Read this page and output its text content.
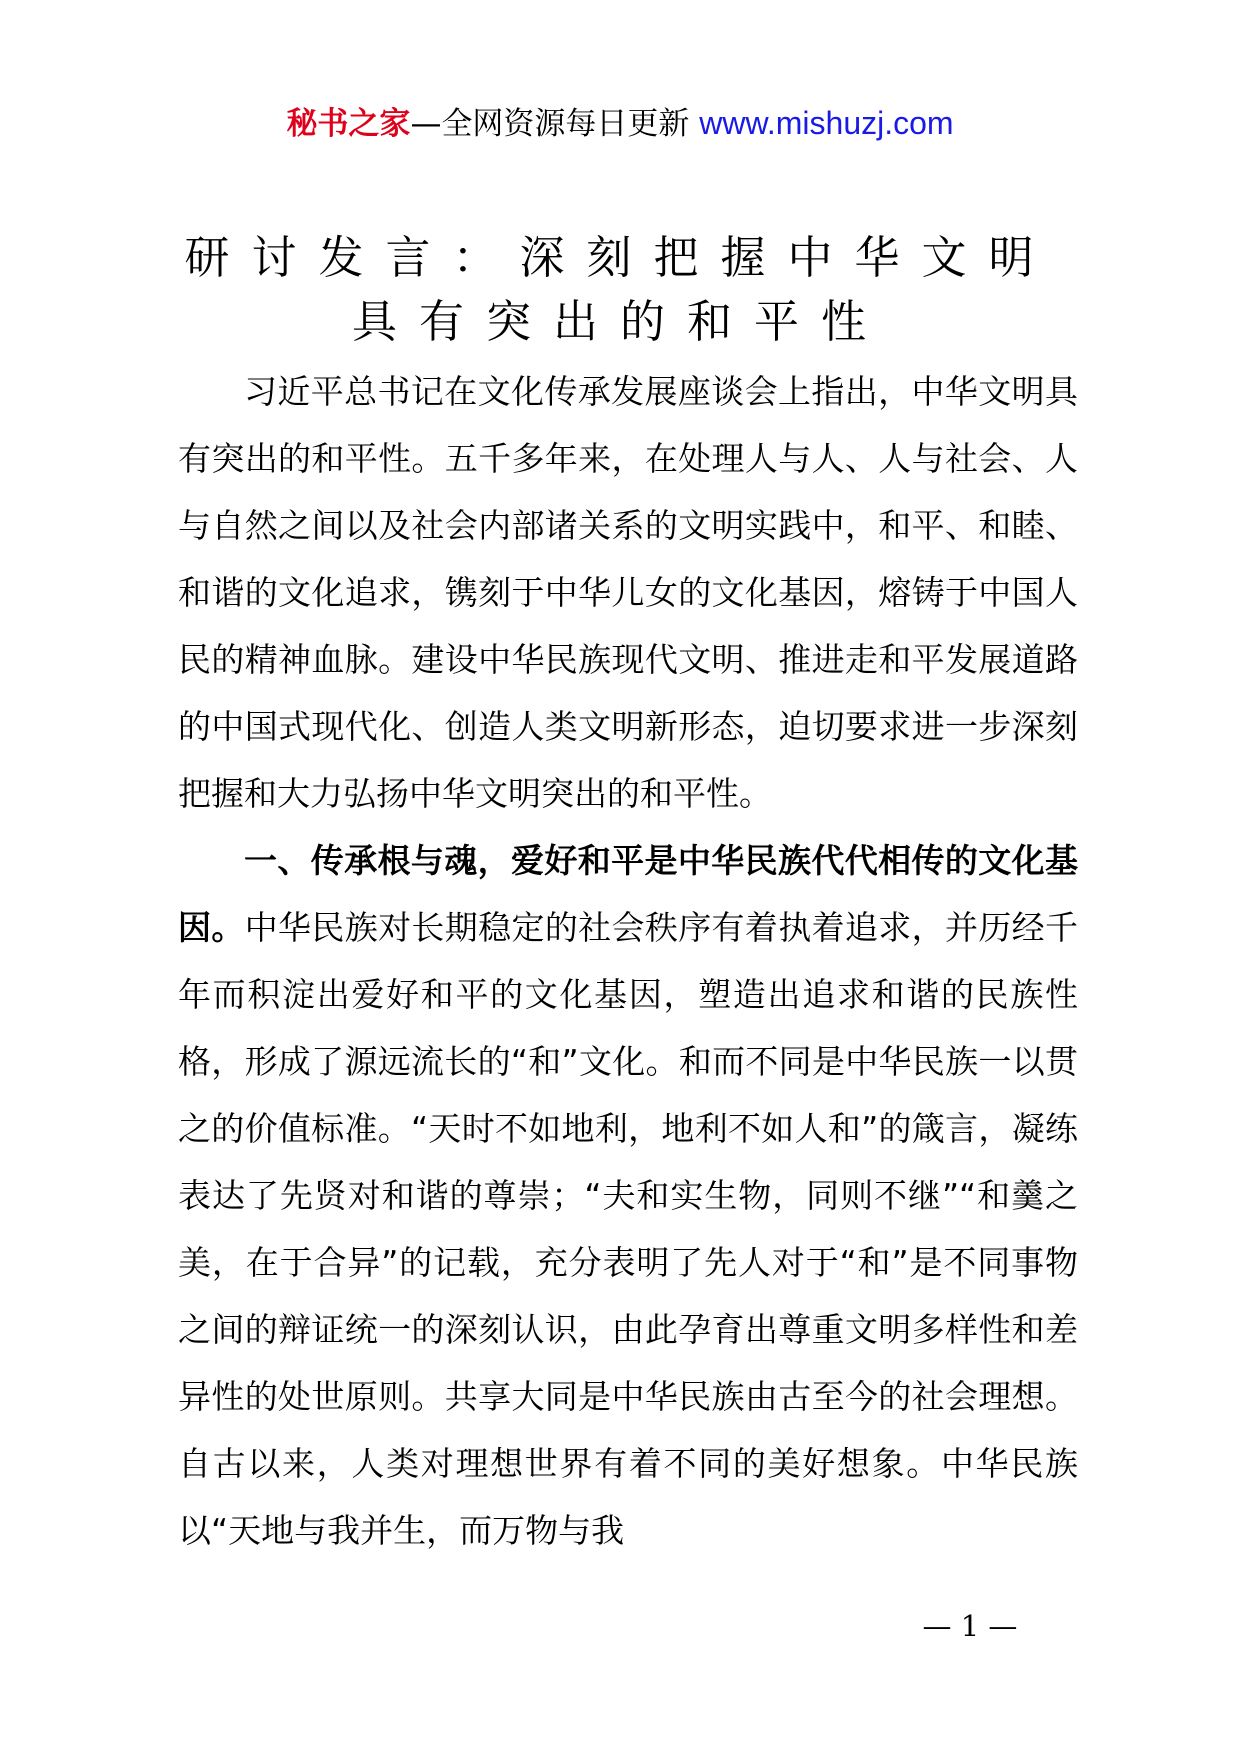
秘书之家—全网资源每日更新 www.mishuzj.com
研讨发言：深刻把握中华文明
具有突出的和平性

习近平总书记在文化传承发展座谈会上指出，中华文明具有突出的和平性。五千多年来，在处理人与人、人与社会、人与自然之间以及社会内部诸关系的文明实践中，和平、和睦、和谐的文化追求，镌刻于中华儿女的文化基因，熔铸于中国人民的精神血脉。建设中华民族现代文明、推进走和平发展道路的中国式现代化、创造人类文明新形态，迫切要求进一步深刻把握和大力弘扬中华文明突出的和平性。

一、传承根与魂，爱好和平是中华民族代代相传的文化基因。中华民族对长期稳定的社会秩序有着执着追求，并历经千年而积淀出爱好和平的文化基因，塑造出追求和谐的民族性格，形成了源远流长的“和”文化。和而不同是中华民族一以贯之的价值标准。“天时不如地利，地利不如人和”的箴言，凝练表达了先贤对和谐的尊崇；“夫和实生物，同则不继”“和羹之美，在于合异”的记载，充分表明了先人对于“和”是不同事物之间的辩证统一的深刻认识，由此孕育出尊重文明多样性和差异性的处世原则。共享大同是中华民族由古至今的社会理想。自古以来，人类对理想世界有着不同的美好想象。中华民族以“天地与我并生，而万物与我

— 1 —
